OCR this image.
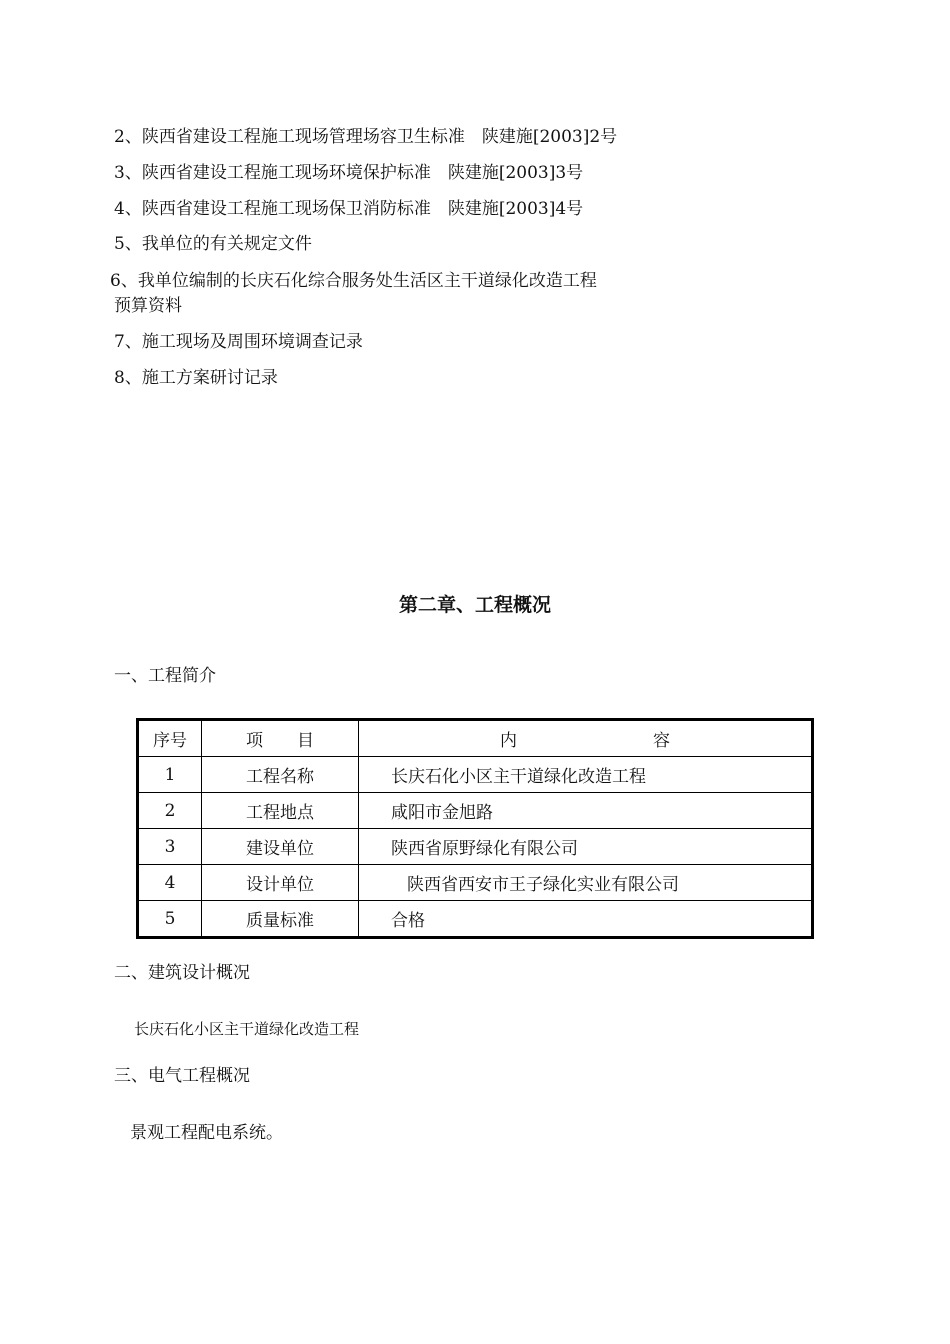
2、陕西省建设工程施工现场管理场容卫生标准　陕建施[2003]2号
3、陕西省建设工程施工现场环境保护标准　陕建施[2003]3号
4、陕西省建设工程施工现场保卫消防标准　陕建施[2003]4号
5、我单位的有关规定文件
6、我单位编制的长庆石化综合服务处生活区主干道绿化改造工程
预算资料
7、施工现场及周围环境调查记录
8、施工方案研讨记录
第二章、工程概况
一、工程简介
序号	项　　目	内　　　　　　　　容
1	工程名称	长庆石化小区主干道绿化改造工程
2	工程地点	咸阳市金旭路
3	建设单位	陕西省原野绿化有限公司
4	设计单位	陕西省西安市王子绿化实业有限公司
5	质量标准	合格
二、建筑设计概况
长庆石化小区主干道绿化改造工程
三、电气工程概况
景观工程配电系统。
